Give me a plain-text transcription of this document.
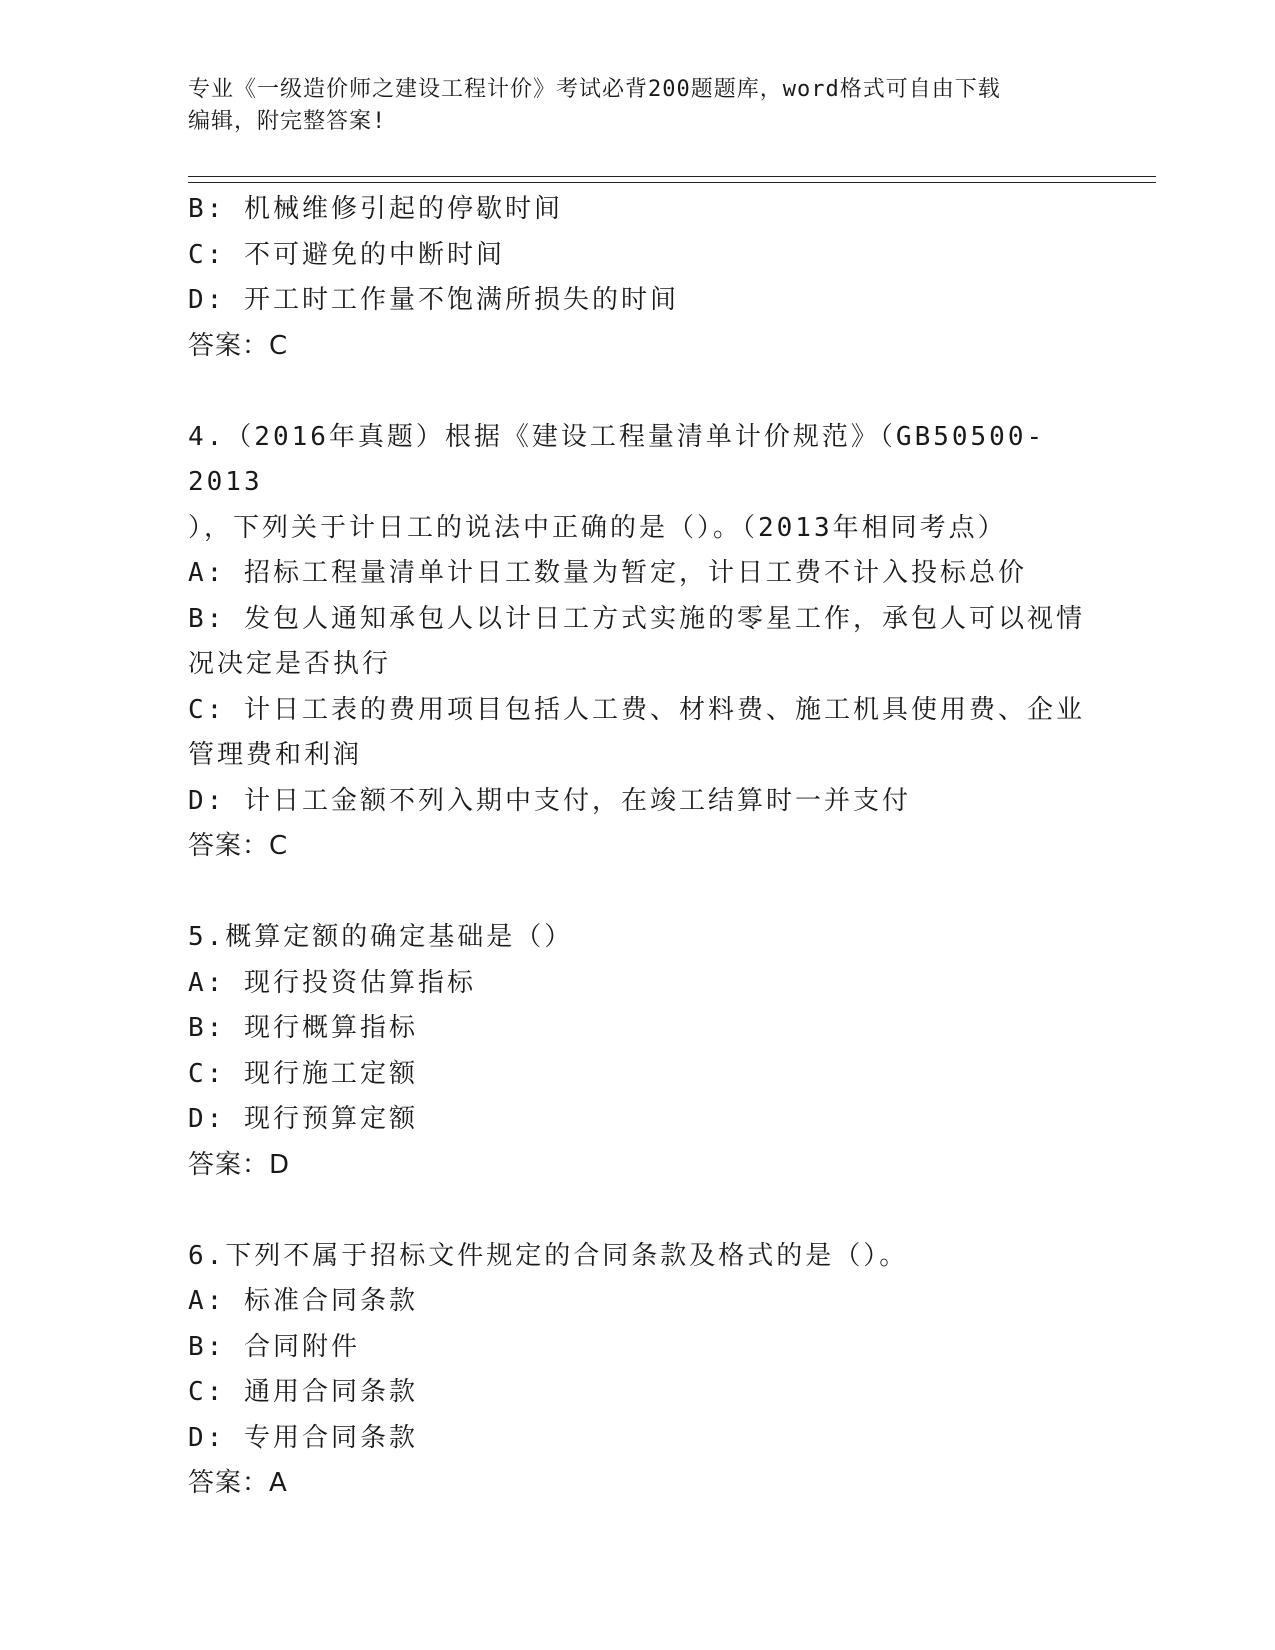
专业《一级造价师之建设工程计价》考试必背200题题库，word格式可自由下载
编辑，附完整答案!
B: 机械维修引起的停歇时间
C: 不可避免的中断时间
D: 开工时工作量不饱满所损失的时间
答案：C
4.（2016年真题）根据《建设工程量清单计价规范》（GB50500-2013
），下列关于计日工的说法中正确的是（）。（2013年相同考点）
A: 招标工程量清单计日工数量为暂定，计日工费不计入投标总价
B: 发包人通知承包人以计日工方式实施的零星工作，承包人可以视情
况决定是否执行
C: 计日工表的费用项目包括人工费、材料费、施工机具使用费、企业
管理费和利润
D: 计日工金额不列入期中支付，在竣工结算时一并支付
答案：C
5.概算定额的确定基础是（）
A: 现行投资估算指标
B: 现行概算指标
C: 现行施工定额
D: 现行预算定额
答案：D
6.下列不属于招标文件规定的合同条款及格式的是（）。
A: 标准合同条款
B: 合同附件
C: 通用合同条款
D: 专用合同条款
答案：A
